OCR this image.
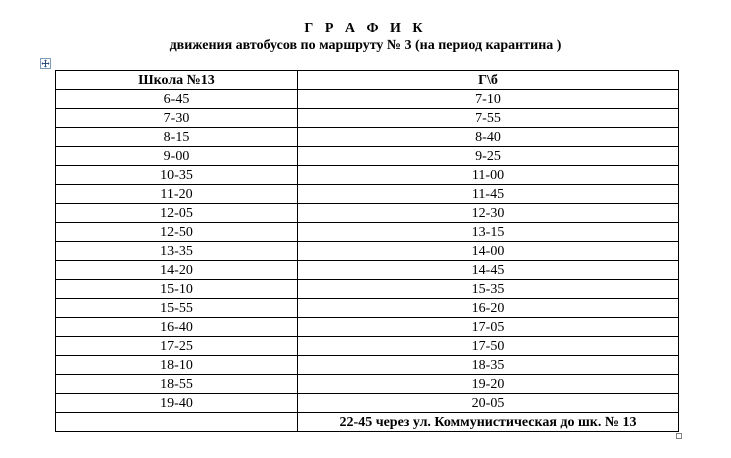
Г Р А Ф И К
движения автобусов по маршруту № 3 (на период карантина )
Школа №13	Г\б
6-45	7-10
7-30	7-55
8-15	8-40
9-00	9-25
10-35	11-00
11-20	11-45
12-05	12-30
12-50	13-15
13-35	14-00
14-20	14-45
15-10	15-35
15-55	16-20
16-40	17-05
17-25	17-50
18-10	18-35
18-55	19-20
19-40	20-05
	22-45 через ул. Коммунистическая до шк. № 13
